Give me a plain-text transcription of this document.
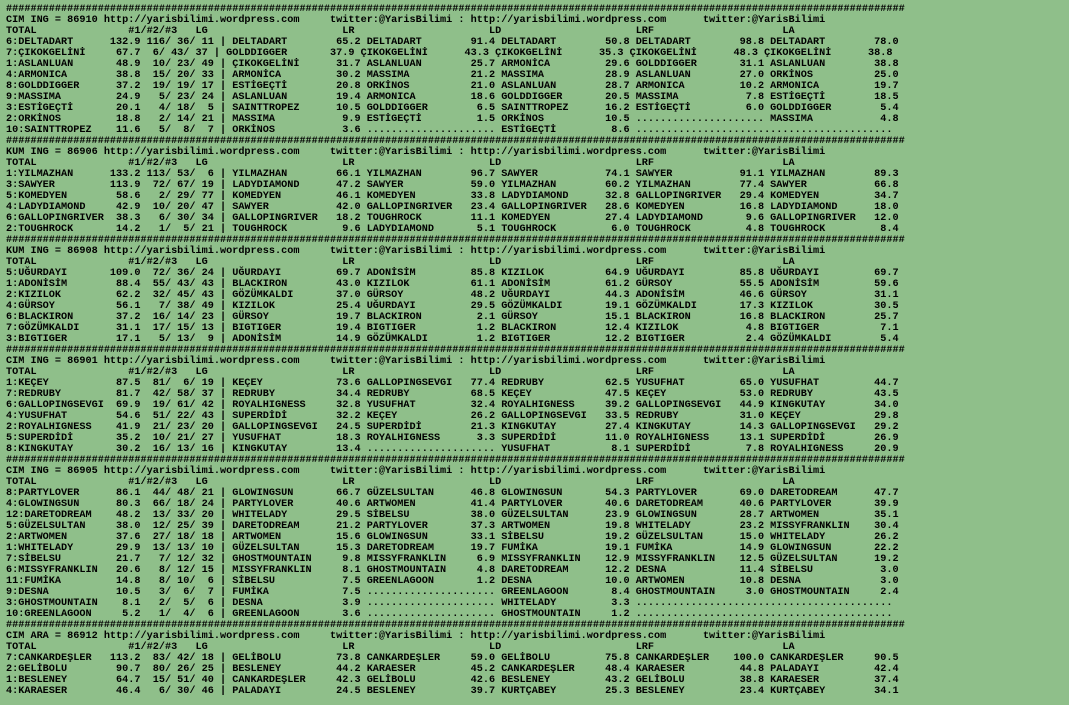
###################################################################################################################################################
CIM ING = 86910 http://yarisbilimi.wordpress.com     twitter:@YarisBilimi : http://yarisbilimi.wordpress.com      twitter:@YarisBilimi
TOTAL               #1/#2/#3   LG                      LR                      LD                      LRF                     LA
6:DELTADART      132.9 116/ 36/ 11 | DELTADART        65.2 DELTADART        91.4 DELTADART        50.8 DELTADART        98.8 DELTADART        78.0
7:ÇIKOKGELİNİ     67.7  6/ 43/ 37 | GOLDDIGGER       37.9 ÇIKOKGELİNİ      43.3 ÇIKOKGELİNİ      35.3 ÇIKOKGELİNİ      48.3 ÇIKOKGELİNİ      38.8
1:ASLANLUAN       48.9  10/ 23/ 49 | ÇIKOKGELİNİ      31.7 ASLANLUAN        25.7 ARMONİCA         29.6 GOLDDIGGER       31.1 ASLANLUAN        38.8
4:ARMONICA        38.8  15/ 20/ 33 | ARMONİCA         30.2 MASSIMA          21.2 MASSIMA          28.9 ASLANLUAN        27.0 ORKİNOS          25.0
8:GOLDDIGGER      37.2  19/ 19/ 17 | ESTİGEÇTİ        20.8 ORKİNOS          21.0 ASLANLUAN        28.7 ARMONICA         10.2 ARMONICA         19.7
9:MASSIMA         24.9   5/ 23/ 24 | ASLANLUAN        19.4 ARMONICA         18.6 GOLDDIGGER       20.5 MASSIMA           7.8 ESTİGEÇTİ        18.5
3:ESTİGEÇTİ       20.1   4/ 18/  5 | SAINTTROPEZ      10.5 GOLDDIGGER        6.5 SAINTTROPEZ      16.2 ESTİGEÇTİ         6.0 GOLDDIGGER        5.4
2:ORKİNOS         18.8   2/ 14/ 21 | MASSIMA           9.9 ESTİGEÇTİ         1.5 ORKİNOS          10.5 ..................... MASSIMA           4.8
10:SAINTTROPEZ    11.6   5/  8/  7 | ORKİNOS           3.6 ..................... ESTİGEÇTİ         8.6 ..........................................
###################################################################################################################################################
KUM ING = 86906 http://yarisbilimi.wordpress.com     twitter:@YarisBilimi : http://yarisbilimi.wordpress.com      twitter:@YarisBilimi
TOTAL               #1/#2/#3   LG                      LR                      LD                      LRF                     LA
1:YILMAZHAN      133.2 113/ 53/  6 | YILMAZHAN        66.1 YILMAZHAN        96.7 SAWYER           74.1 SAWYER           91.1 YILMAZHAN        89.3
3:SAWYER         113.9  72/ 67/ 19 | LADYDIAMOND      47.2 SAWYER           59.0 YILMAZHAN        60.2 YILMAZHAN        77.4 SAWYER           66.8
5:KOMEDYEN        58.6   2/ 29/ 77 | KOMEDYEN         46.1 KOMEDYEN         33.8 LADYDIAMOND      32.8 GALLOPINGRIVER   29.4 KOMEDYEN         34.7
4:LADYDIAMOND     42.9  10/ 20/ 47 | SAWYER           42.0 GALLOPINGRIVER   23.4 GALLOPINGRIVER   28.6 KOMEDYEN         16.8 LADYDIAMOND      18.0
6:GALLOPINGRIVER  38.3   6/ 30/ 34 | GALLOPINGRIVER   18.2 TOUGHROCK        11.1 KOMEDYEN         27.4 LADYDIAMOND       9.6 GALLOPINGRIVER   12.0
2:TOUGHROCK       14.2   1/  5/ 21 | TOUGHROCK         9.6 LADYDIAMOND       5.1 TOUGHROCK         6.0 TOUGHROCK         4.8 TOUGHROCK         8.4
###################################################################################################################################################
KUM ING = 86908 http://yarisbilimi.wordpress.com     twitter:@YarisBilimi : http://yarisbilimi.wordpress.com      twitter:@YarisBilimi
TOTAL               #1/#2/#3   LG                      LR                      LD                      LRF                     LA
5:UĞURDAYI       109.0  72/ 36/ 24 | UĞURDAYI         69.7 ADONİSİM         85.8 KIZILOK          64.9 UĞURDAYI         85.8 UĞURDAYI         69.7
1:ADONİSİM        88.4  55/ 43/ 43 | BLACKIRON        43.0 KIZILOK          61.1 ADONİSİM         61.2 GÜRSOY           55.5 ADONİSİM         59.6
2:KIZILOK         62.2  32/ 45/ 43 | GÖZÜMKALDI       37.0 GÜRSOY           48.2 UĞURDAYI         44.3 ADONİSİM         46.6 GÜRSOY           31.1
4:GÜRSOY          56.1   7/ 38/ 49 | KIZILOK          25.4 UĞURDAYI         29.5 GÖZÜMKALDI       19.1 GÖZÜMKALDI       17.3 KIZILOK          30.5
6:BLACKIRON       37.2  16/ 14/ 23 | GÜRSOY           19.7 BLACKIRON         2.1 GÜRSOY           15.1 BLACKIRON        16.8 BLACKIRON        25.7
7:GÖZÜMKALDI      31.1  17/ 15/ 13 | BIGTIGER         19.4 BIGTIGER          1.2 BLACKIRON        12.4 KIZILOK           4.8 BIGTIGER          7.1
3:BIGTIGER        17.1   5/ 13/  9 | ADONİSİM         14.9 GÖZÜMKALDI        1.2 BIGTIGER         12.2 BIGTIGER          2.4 GÖZÜMKALDI        5.4
###################################################################################################################################################
CIM ING = 86901 http://yarisbilimi.wordpress.com     twitter:@YarisBilimi : http://yarisbilimi.wordpress.com      twitter:@YarisBilimi
TOTAL               #1/#2/#3   LG                      LR                      LD                      LRF                     LA
1:KEÇEY           87.5  81/  6/ 19 | KEÇEY            73.6 GALLOPINGSEVGI   77.4 REDRUBY          62.5 YUSUFHAT         65.0 YUSUFHAT         44.7
7:REDRUBY         81.7  42/ 58/ 37 | REDRUBY          34.4 REDRUBY          68.5 KEÇEY            47.5 KEÇEY            53.0 REDRUBY          43.5
6:GALLOPINGSEVGI  69.9  19/ 61/ 42 | ROYALHIGNESS     32.8 YUSUFHAT         32.4 ROYALHIGNESS     39.2 GALLOPINGSEVGI   44.9 KINGKUTAY        34.0
4:YUSUFHAT        54.6  51/ 22/ 43 | SUPERDİDİ        32.2 KEÇEY            26.2 GALLOPINGSEVGI   33.5 REDRUBY          31.0 KEÇEY            29.8
2:ROYALHIGNESS    41.9  21/ 23/ 20 | GALLOPINGSEVGI   24.5 SUPERDİDİ        21.3 KINGKUTAY        27.4 KINGKUTAY        14.3 GALLOPINGSEVGI   29.2
5:SUPERDİDİ       35.2  10/ 21/ 27 | YUSUFHAT         18.3 ROYALHIGNESS      3.3 SUPERDİDİ        11.0 ROYALHIGNESS     13.1 SUPERDİDİ        26.9
8:KINGKUTAY       30.2  16/ 13/ 16 | KINGKUTAY        13.4 ..................... YUSUFHAT          8.1 SUPERDİDİ         7.8 ROYALHIGNESS     20.9
###################################################################################################################################################
CIM ING = 86905 http://yarisbilimi.wordpress.com     twitter:@YarisBilimi : http://yarisbilimi.wordpress.com      twitter:@YarisBilimi
TOTAL               #1/#2/#3   LG                      LR                      LD                      LRF                     LA
8:PARTYLOVER      86.1  44/ 48/ 21 | GLOWINGSUN       66.7 GÜZELSULTAN      46.8 GLOWINGSUN       54.3 PARTYLOVER       69.0 DARETODREAM      47.7
4:GLOWINGSUN      80.3  66/ 18/ 24 | PARTYLOVER       40.6 ARTWOMEN         41.4 PARTYLOVER       40.6 DARETODREAM      40.6 PARTYLOVER       39.9
12:DARETODREAM    48.2  13/ 33/ 20 | WHITELADY        29.5 SİBELSU          38.0 GÜZELSULTAN      23.9 GLOWINGSUN       28.7 ARTWOMEN         35.1
5:GÜZELSULTAN     38.0  12/ 25/ 39 | DARETODREAM      21.2 PARTYLOVER       37.3 ARTWOMEN         19.8 WHITELADY        23.2 MISSYFRANKLIN    30.4
2:ARTWOMEN        37.6  27/ 18/ 18 | ARTWOMEN         15.6 GLOWINGSUN       33.1 SİBELSU          19.2 GÜZELSULTAN      15.0 WHITELADY        26.2
1:WHITELADY       29.9  13/ 13/ 10 | GÜZELSULTAN      15.3 DARETODREAM      19.7 FUMİKA           19.1 FUMİKA           14.9 GLOWINGSUN       22.2
7:SİBELSU         21.7   7/ 12/ 32 | GHOSTMOUNTAIN     9.8 MISSYFRANKLIN     6.9 MISSYFRANKLIN    12.9 MISSYFRANKLIN    12.5 GÜZELSULTAN      19.2
6:MISSYFRANKLIN   20.6   8/ 12/ 15 | MISSYFRANKLIN     8.1 GHOSTMOUNTAIN     4.8 DARETODREAM      12.2 DESNA            11.4 SİBELSU           3.0
11:FUMİKA         14.8   8/ 10/  6 | SİBELSU           7.5 GREENLAGOON       1.2 DESNA            10.0 ARTWOMEN         10.8 DESNA             3.0
9:DESNA           10.5   3/  6/  7 | FUMİKA            7.5 ..................... GREENLAGOON       8.4 GHOSTMOUNTAIN     3.0 GHOSTMOUNTAIN     2.4
3:GHOSTMOUNTAIN    8.1   2/  5/  6 | DESNA             3.9 ..................... WHITELADY         3.3 ..........................................
10:GREENLAGOON     5.2   1/  4/  6 | GREENLAGOON       3.6 ..................... GHOSTMOUNTAIN     1.2 ..........................................
###################################################################################################################################################
CIM ARA = 86912 http://yarisbilimi.wordpress.com     twitter:@YarisBilimi : http://yarisbilimi.wordpress.com      twitter:@YarisBilimi
TOTAL               #1/#2/#3   LG                      LR                      LD                      LRF                     LA
7:CANKARDEŞLER   113.2  83/ 42/ 18 | GELİBOLU         73.8 CANKARDEŞLER     59.0 GELİBOLU         75.8 CANKARDEŞLER    100.0 CANKARDEŞLER     90.5
2:GELİBOLU        90.7  80/ 26/ 25 | BESLENEY         44.2 KARAESER         45.2 CANKARDEŞLER     48.4 KARAESER         44.8 PALADAYI         42.4
1:BESLENEY        64.7  15/ 51/ 40 | CANKARDEŞLER     42.3 GELİBOLU         42.6 BESLENEY         43.2 GELİBOLU         38.8 KARAESER         37.4
4:KARAESER        46.4   6/ 30/ 46 | PALADAYI         24.5 BESLENEY         39.7 KURTÇABEY        25.3 BESLENEY         23.4 KURTÇABEY        34.1
